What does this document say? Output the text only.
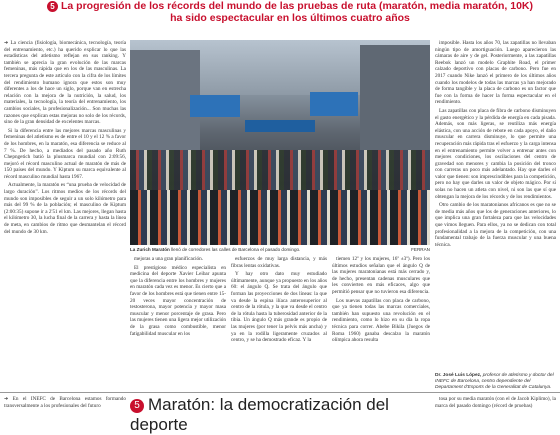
5 La progresión de los récords del mundo de las pruebas de ruta (maratón, media maratón, 10K) ha sido espectacular en los últimos cuatro años

➜ La ciencia (fisiología, biomecánica, tecnología, teoría del entrenamiento, etc.) ha querido explicar lo que las estadísticas del atletismo reflejan en sus ranking. Y también se aprecia la gran evolución de las marcas femeninas, más rápida que en los de las masculinas. La tercera pregunta de este artículo con la cifra de los límites del rendimiento humano ignora que estos son muy diferentes a los de hace un siglo, porque van en estrecha relación con la mejora de la nutrición, la salud, los materiales, la tecnología, la teoría del entrenamiento, los cambios sociales, la profesionalización... Son muchas las razones que explican estas mejoras no solo de los récords, sino de la gran densidad de excelentes marcas.

Si la diferencia entre las mejores marcas masculinas y femeninas del atletismo es de entre el 10 y el 12 % a favor de los hombres, en la maratón, esa diferencia se reduce al 7 %. De hecho, a mediados del pasado año Ruth Chepngetich batió la plusmarca mundial con 2:09:56, mejoró el récord masculino actual de maratón de más de 150 países del mundo. Y Kiptum su marca equivalente al récord masculino mundial hasta 1967.

Actualmente, la maratón es “una prueba de velocidad de largo duración”. Los ritmos medios de los récords del mundo son imposibles de seguir a un solo kilómetro para más del 99 % de la población; el masculino de Kiptum (2:00:35) supone ir a 2'51 el km. Las mejores, llegan hasta el kilómetro 30, la lucha final de la carrera y hasta la línea de meta, en cambios de ritmo que desmantelan el récord del mundo de 30 km.

La Zurich Maratón llenó de corredores las calles de Barcelona el pasado domingo.	FERRAN

mejoras a una gran planificación.

El prestigioso médico especialista en medicina del deporte Xavier Leibar apunta que la diferencia entre los hombres y mujeres en maratón cada vez es menor. Es cierto que a favor de los hombres está que tienen entre 15-20 veces mayor concentración de testosterona, mayor potencia y mayor masa muscular y menor porcentaje de grasa. Pero las mujeres tienen una ligera mejor utilización de la grasa como combustible, menor fatigabilidad muscular en los

esfuerzos de muy larga distancia, y más fibras lentas oxidativas.

Y hay otro dato muy estudiado últimamente, aunque ya propuesto en los años 60: el ángulo Q. Se trata del ángulo que forman las proyecciones de dos líneas: la que va desde la espina ilíaca anterosuperior al centro de la rótula, y la que va desde el centro de la rótula hasta la tuberosidad anterior de la tibia. Un ángulo Q más grande es propio de las mujeres (por tener la pelvis más ancha) y ya en la rodilla ligeramente cruzados al centro, y se ha demostrado eficaz. Y la

tiemen 12º y los mujeres, 16º ±3º). Pero los últimos estudios señalan que el ángulo Q de las mujeres maratonianas está más cerrado y, de hecho, presentan cadenas musculares que les convierten en más eficaces, algo que permitió pensar que no tuvieron esa diferencia.

Los nuevas zapatillas con placa de carbono, que ya tienen todas las marcas comerciales, también han supuesto una revolución en el rendimiento, como lo hizo en su día la ropa técnica para correr. Abebe Bikila (Juegos de Roma 1960) ganaba descalzo la maratón olímpica ahora resulta

imposible. Hasta los años 70, las zapatillas no llevaban ningún tipo de amortiguación. Luego aparecieron las cámaras de aire y de gel. Posteriormente, a las zapatillas Reebok lanzó un modelo Graphite Road, el primer calzado deportivo con placas de carbono. Pero fue en 2017 cuando Nike lanzó el primero de los últimos años cuando los modelos de todas las marcas ya han mejorado de forma tangible y la placa de carbono es un factor que fue con la forma de hacer la forma espectacular en el rendimiento.

Las zapatillas con placa de fibra de carbono disminuyen el gasto energético y la pérdida de energía en cada pisada. Además, son más ligeras, se reutiliza más energía elástica, con una acción de rebote en cada apoyo, el daño muscular en carrera disminuye, lo que permite una recuperación más rápida tras el esfuerzo y la carga intensa en el entrenamiento permite volver a entrenar antes con mejores condiciones, los oscilaciones del centro de gravedad son menores y cambia la posición del tronco con carreras un poco más adelantado. Hay que darles el valor que tienen: son imprescindibles para la competición, pero no hay que darles un valor de objeto mágico. Por sí solas no hacen un atleta con nivel, ni son las que sí que obtengan la mejora de los récords y de los rendimientos.

Otro cambio de los maratonianos africanos es que no se de media más años que los de generaciones anteriores, lo que implica una gran fortaleza para que las velocidades que vimos lleguen. Para ellos, ya no se dedican con total profesionalidad a la mejora de la competición, con una fundamental trabajo de la fuerza muscular y una buena técnica.

Dr. José Luis López, profesor de atletismo y doctor del INEFC de Barcelona, centro dependiente del Departament d'Esports de la Generalitat de Catalunya.

➜ En el INEFC de Barcelona estamos formando transversalmente a los profesionales del futuro	5 Maratón: la democratización del deporte

tosa por su media maratón (con el de Jacob Kiplimo), la marca del pasado domingo (récord de pruebas)
